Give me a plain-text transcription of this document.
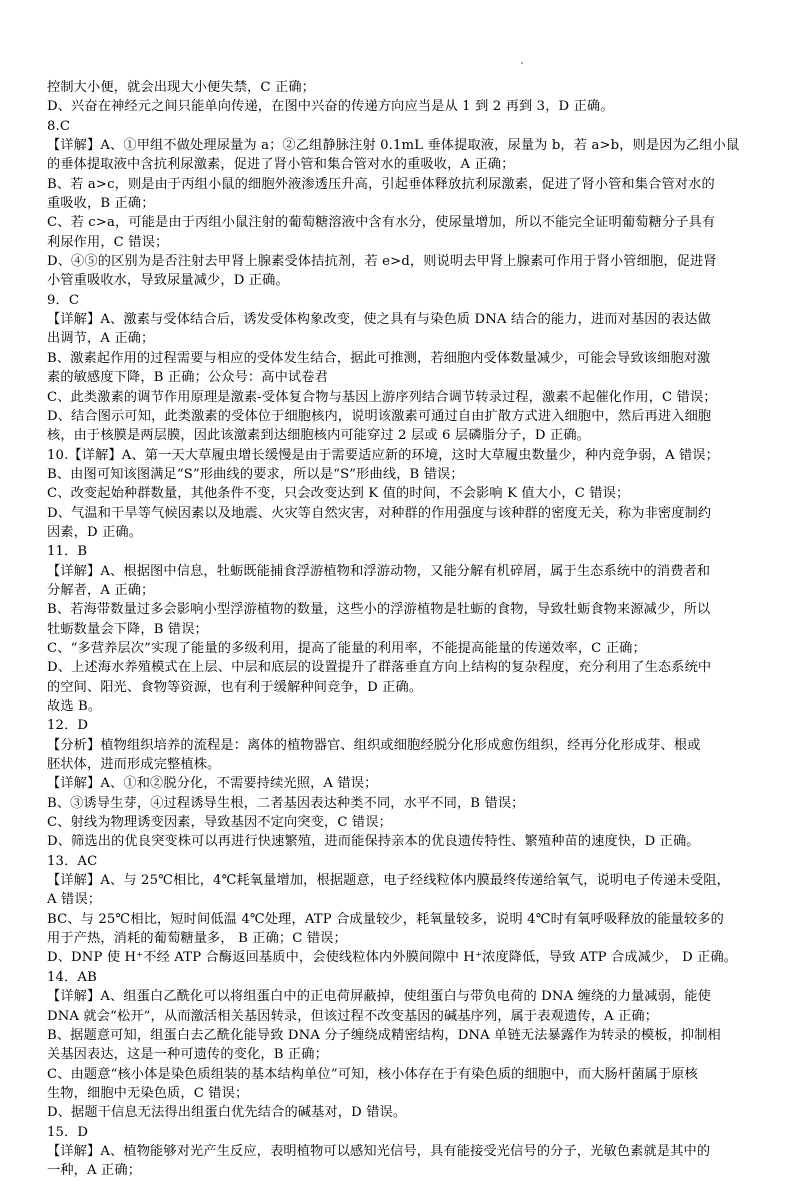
控制大小便，就会出现大小便失禁，C 正确；
D、兴奋在神经元之间只能单向传递，在图中兴奋的传递方向应当是从 1 到 2 再到 3，D 正确。
8.C
【详解】A、①甲组不做处理尿量为 a；②乙组静脉注射 0.1mL 垂体提取液，尿量为 b，若 a>b，则是因为乙组小鼠
的垂体提取液中含抗利尿激素，促进了肾小管和集合管对水的重吸收，A 正确；
B、若 a>c，则是由于丙组小鼠的细胞外液渗透压升高，引起垂体释放抗利尿激素，促进了肾小管和集合管对水的
重吸收，B 正确；
C、若 c>a，可能是由于丙组小鼠注射的葡萄糖溶液中含有水分，使尿量增加，所以不能完全证明葡萄糖分子具有
利尿作用，C 错误；
D、④⑤的区别为是否注射去甲肾上腺素受体拮抗剂，若 e>d，则说明去甲肾上腺素可作用于肾小管细胞，促进肾
小管重吸收水，导致尿量减少，D 正确。
9．C
【详解】A、激素与受体结合后，诱发受体构象改变，使之具有与染色质 DNA 结合的能力，进而对基因的表达做
出调节，A 正确；
B、激素起作用的过程需要与相应的受体发生结合，据此可推测，若细胞内受体数量减少，可能会导致该细胞对激
素的敏感度下降，B 正确；公众号：高中试卷君
C、此类激素的调节作用原理是激素-受体复合物与基因上游序列结合调节转录过程，激素不起催化作用，C 错误；
D、结合图示可知，此类激素的受体位于细胞核内，说明该激素可通过自由扩散方式进入细胞中，然后再进入细胞
核，由于核膜是两层膜，因此该激素到达细胞核内可能穿过 2 层或 6 层磷脂分子，D 正确。
10.【详解】A、第一天大草履虫增长缓慢是由于需要适应新的环境，这时大草履虫数量少，种内竞争弱，A 错误；
B、由图可知该图满足“S”形曲线的要求，所以是“S”形曲线，B 错误；
C、改变起始种群数量，其他条件不变，只会改变达到 K 值的时间，不会影响 K 值大小，C 错误；
D、气温和干旱等气候因素以及地震、火灾等自然灾害，对种群的作用强度与该种群的密度无关，称为非密度制约
因素，D 正确。
11．B
【详解】A、根据图中信息，牡蛎既能捕食浮游植物和浮游动物，又能分解有机碎屑，属于生态系统中的消费者和
分解者，A 正确；
B、若海带数量过多会影响小型浮游植物的数量，这些小的浮游植物是牡蛎的食物，导致牡蛎食物来源减少，所以
牡蛎数量会下降，B 错误；
C、“多营养层次”实现了能量的多级利用，提高了能量的利用率，不能提高能量的传递效率，C 正确；
D、上述海水养殖模式在上层、中层和底层的设置提升了群落垂直方向上结构的复杂程度，充分利用了生态系统中
的空间、阳光、食物等资源，也有利于缓解种间竞争，D 正确。
故选 B。
12．D
【分析】植物组织培养的流程是：离体的植物器官、组织或细胞经脱分化形成愈伤组织，经再分化形成芽、根或
胚状体，进而形成完整植株。
【详解】A、①和②脱分化，不需要持续光照，A 错误；
B、③诱导生芽，④过程诱导生根，二者基因表达种类不同，水平不同，B 错误；
C、射线为物理诱变因素，导致基因不定向突变，C 错误；
D、筛选出的优良突变株可以再进行快速繁殖，进而能保持亲本的优良遗传特性、繁殖种苗的速度快，D 正确。
13．AC
【详解】A、与 25℃相比，4℃耗氧量增加，根据题意，电子经线粒体内膜最终传递给氧气，说明电子传递未受阻，
A 错误；
BC、与 25℃相比，短时间低温 4℃处理，ATP 合成量较少，耗氧量较多，说明 4℃时有氧呼吸释放的能量较多的
用于产热，消耗的葡萄糖量多， B 正确；C 错误；
D、DNP 使 H⁺不经 ATP 合酶返回基质中，会使线粒体内外膜间隙中 H⁺浓度降低，导致 ATP 合成减少， D 正确。
14．AB
【详解】A、组蛋白乙酰化可以将组蛋白中的正电荷屏蔽掉，使组蛋白与带负电荷的 DNA 缠绕的力量减弱，能使
DNA 就会“松开”，从而激活相关基因转录，但该过程不改变基因的碱基序列，属于表观遗传，A 正确；
B、据题意可知，组蛋白去乙酰化能导致 DNA 分子缠绕成精密结构，DNA 单链无法暴露作为转录的模板，抑制相
关基因表达，这是一种可遗传的变化，B 正确；
C、由题意“核小体是染色质组装的基本结构单位”可知，核小体存在于有染色质的细胞中，而大肠杆菌属于原核
生物，细胞中无染色质，C 错误；
D、据题干信息无法得出组蛋白优先结合的碱基对，D 错误。
15．D
【详解】A、植物能够对光产生反应，表明植物可以感知光信号，具有能接受光信号的分子，光敏色素就是其中的
一种，A 正确；
